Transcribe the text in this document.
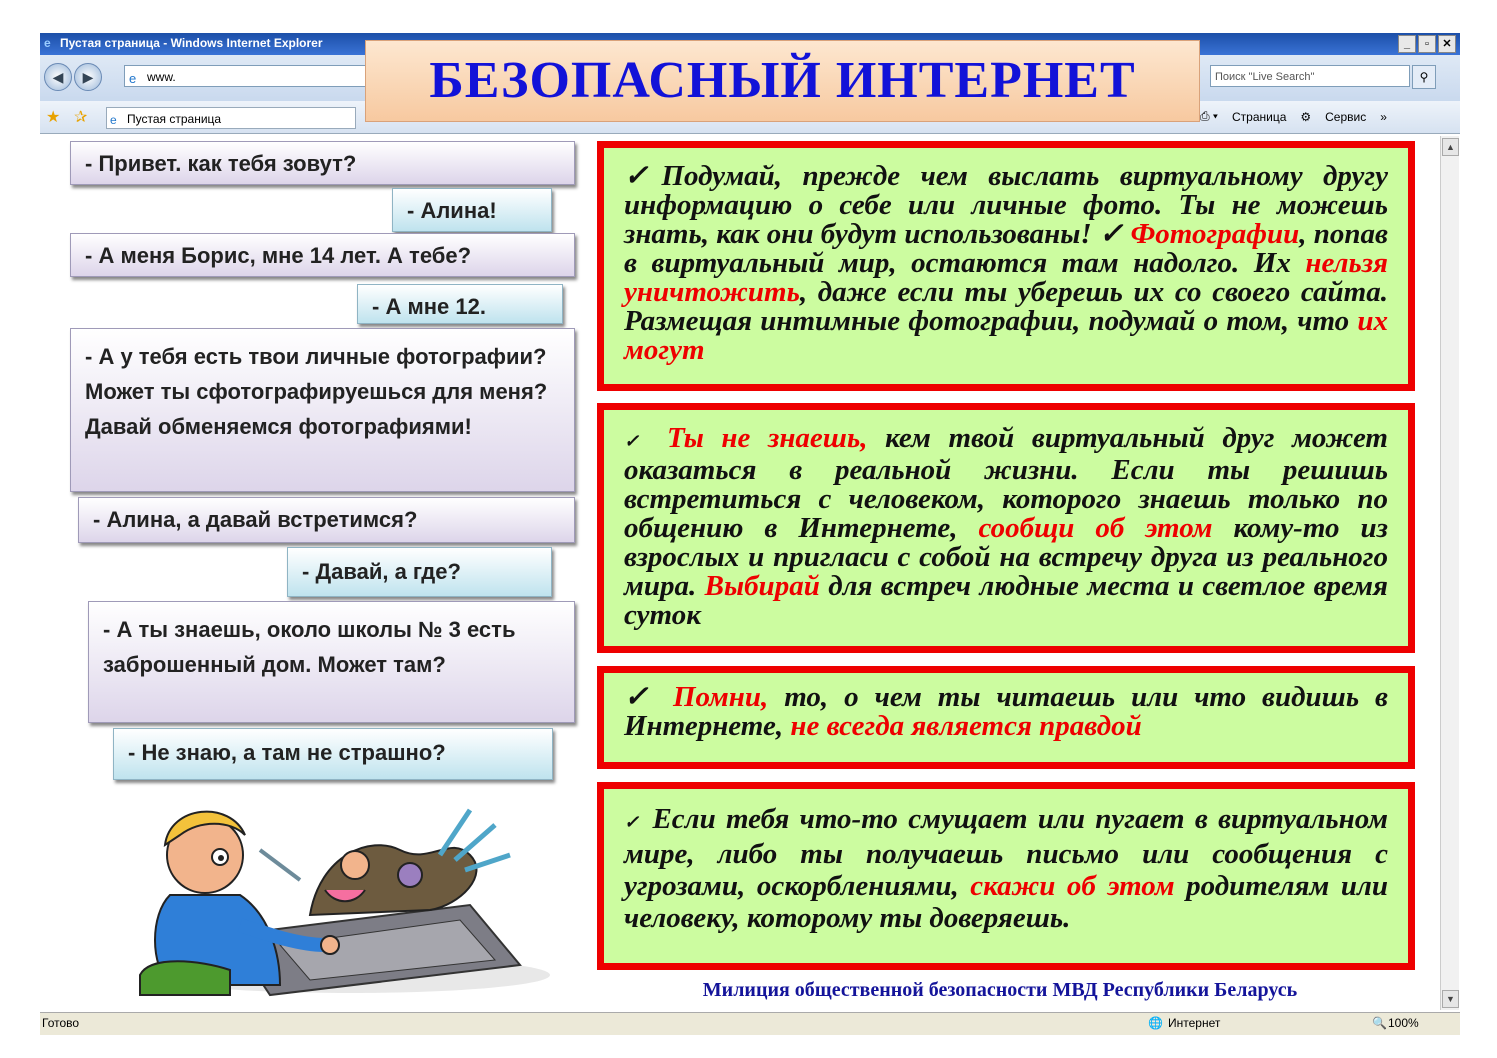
e Пустая страница - Windows Internet Explorer	_	▫	✕
◀	▶	e www.	Поиск "Live Search"	⚲
★ ✰ e Пустая страница	⎙ ▾ Страница ⚙ Сервис »
▲
▼
Готово	🌐 Интернет	🔍 100%
БЕЗОПАСНЫЙ ИНТЕРНЕТ
- Привет. как тебя зовут?
- Алина!
- А меня Борис, мне 14 лет. А тебе?
- А мне 12.
- А у тебя есть твои личные фотографии? Может ты сфотографируешься для меня? Давай обменяемся фотографиями!
- Алина, а давай встретимся?
- Давай, а где?
- А ты знаешь, около школы № 3 есть заброшенный дом. Может там?
- Не знаю, а там не страшно?
✓Подумай, прежде чем выслать виртуальному другу информацию о себе или личные фото. Ты не можешь знать, как они будут использованы! ✓ Фотографии, попав в виртуальный мир, остаются там надолго. Их нельзя уничтожить, даже если ты уберешь их со своего сайта. Размещая интимные фотографии, подумай о том, что их могут
✓ Ты не знаешь, кем твой виртуальный друг может оказаться в реальной жизни. Если ты решишь встретиться с человеком, которого знаешь только по общению в Интернете, сообщи об этом кому-то из взрослых и пригласи с собой на встречу друга из реального мира. Выбирай для встреч людные места и светлое время суток
✓ Помни, то, о чем ты читаешь или что видишь в Интернете, не всегда является правдой
✓ Если тебя что-то смущает или пугает в виртуальном мире, либо ты получаешь письмо или сообщения с угрозами, оскорблениями, скажи об этом родителям или человеку, которому ты доверяешь.
Милиция общественной безопасности МВД Республики Беларусь
